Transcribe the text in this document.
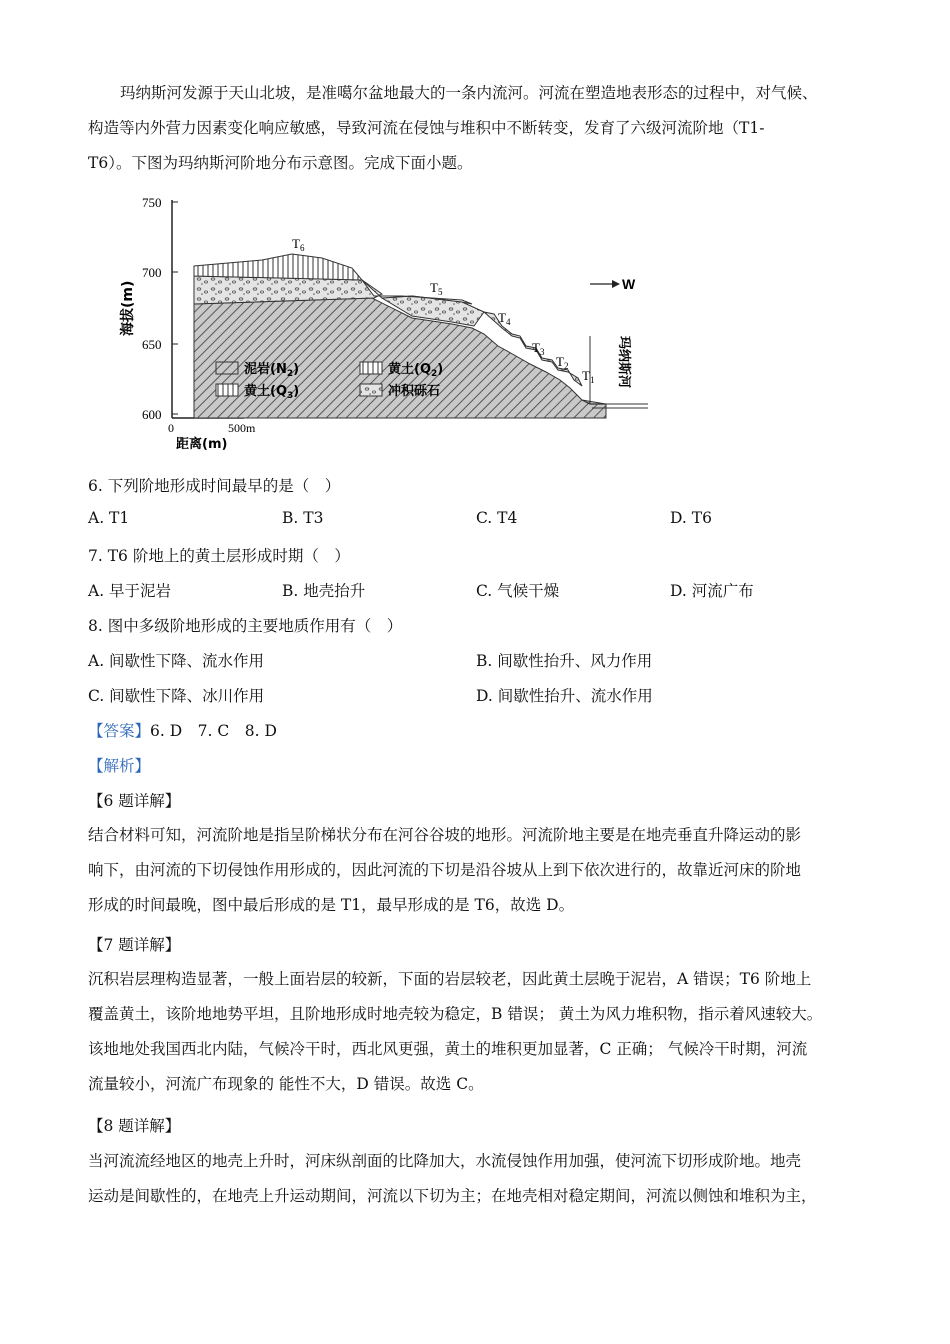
玛纳斯河发源于天山北坡，是准噶尔盆地最大的一条内流河。河流在塑造地表形态的过程中，对气候、
构造等内外营力因素变化响应敏感，导致河流在侵蚀与堆积中不断转变，发育了六级河流阶地（T1-
T6）。下图为玛纳斯河阶地分布示意图。完成下面小题。
750
700
650
600
海拔(m)
0	500m
距离(m)
$T_6$
$T_5$
$T_4$
$T_3$
$T_2$
$T_1$
W
玛纳斯河
泥岩$(N_2)$	黄土$(Q_2)$
黄土$(Q_3)$	冲积砾石
6. 下列阶地形成时间最早的是（　）
A. T1	B. T3	C. T4	D. T6
7. T6 阶地上的黄土层形成时期（　）
A. 早于泥岩	B. 地壳抬升	C. 气候干燥	D. 河流广布
8. 图中多级阶地形成的主要地质作用有（　）
A. 间歇性下降、流水作用	B. 间歇性抬升、风力作用
C. 间歇性下降、冰川作用	D. 间歇性抬升、流水作用
【答案】6. D　7. C　8. D
【解析】
【6 题详解】
结合材料可知，河流阶地是指呈阶梯状分布在河谷谷坡的地形。河流阶地主要是在地壳垂直升降运动的影
响下，由河流的下切侵蚀作用形成的，因此河流的下切是沿谷坡从上到下依次进行的，故靠近河床的阶地
形成的时间最晚，图中最后形成的是 T1，最早形成的是 T6，故选 D。
【7 题详解】
沉积岩层理构造显著，一般上面岩层的较新，下面的岩层较老，因此黄土层晚于泥岩，A 错误；T6 阶地上
覆盖黄土，该阶地地势平坦，且阶地形成时地壳较为稳定，B 错误； 黄土为风力堆积物，指示着风速较大。
该地地处我国西北内陆，气候冷干时，西北风更强，黄土的堆积更加显著，C 正确； 气候冷干时期，河流
流量较小，河流广布现象的 能性不大，D 错误。故选 C。
【8 题详解】
当河流流经地区的地壳上升时，河床纵剖面的比降加大，水流侵蚀作用加强，使河流下切形成阶地。地壳
运动是间歇性的，在地壳上升运动期间，河流以下切为主；在地壳相对稳定期间，河流以侧蚀和堆积为主，
